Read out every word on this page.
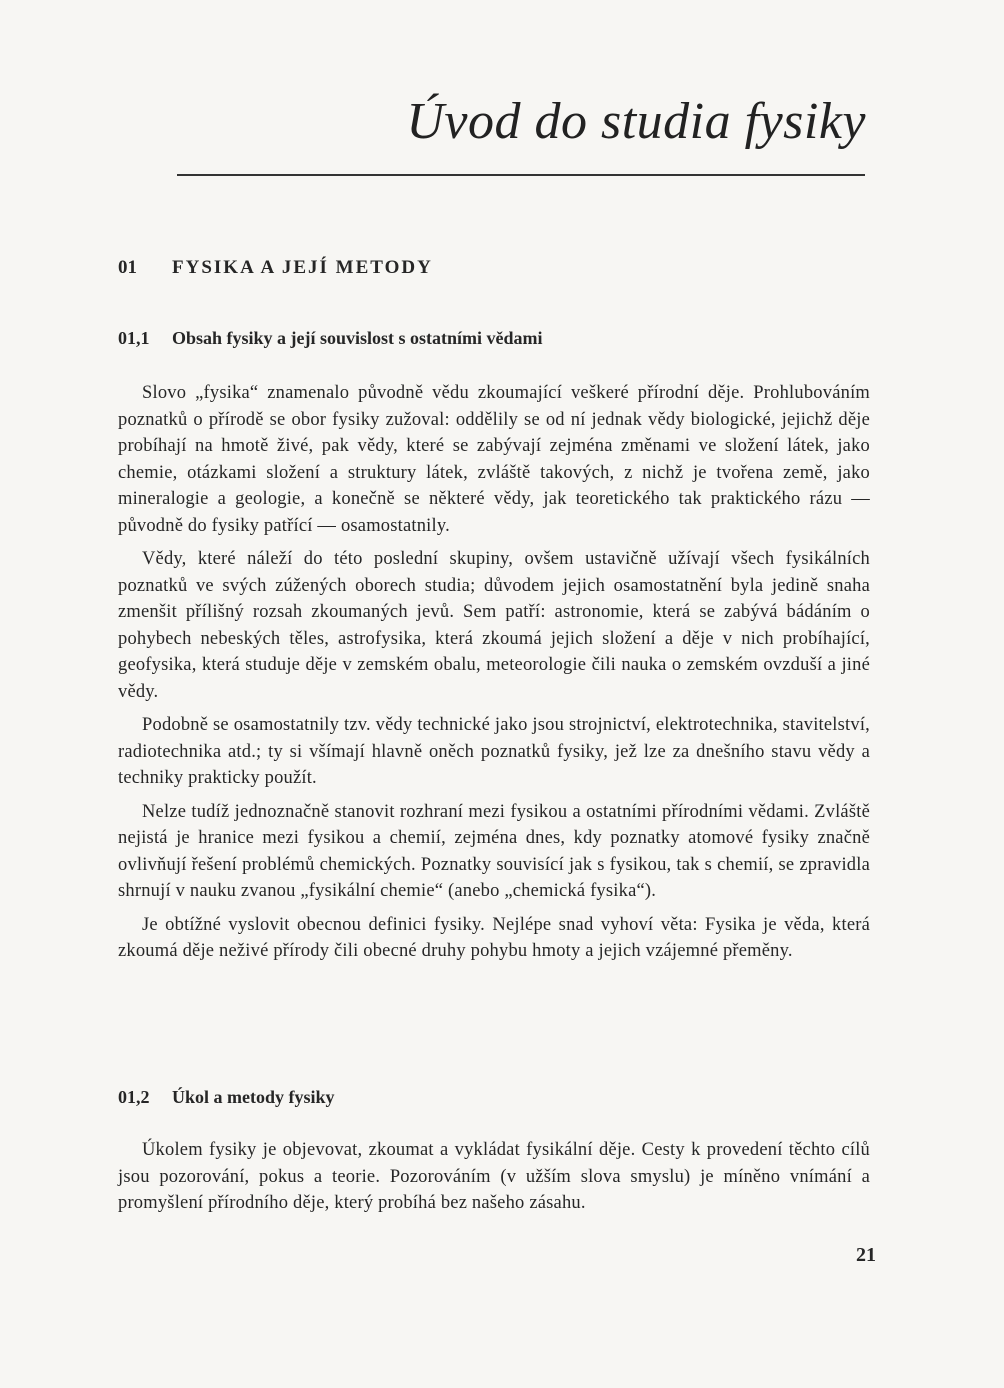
Úvod do studia fysiky
01 FYSIKA A JEJÍ METODY
01,1 Obsah fysiky a její souvislost s ostatními vědami

Slovo „fysika“ znamenalo původně vědu zkoumající veškeré přírodní děje. Prohlubováním poznatků o přírodě se obor fysiky zužoval: oddělily se od ní jednak vědy biologické, jejichž děje probíhají na hmotě živé, pak vědy, které se zabývají zejména změnami ve složení látek, jako chemie, otázkami složení a struktury látek, zvláště takových, z nichž je tvořena země, jako mineralogie a geologie, a konečně se některé vědy, jak teoretického tak praktického rázu — původně do fysiky patřící — osamostatnily.

Vědy, které náleží do této poslední skupiny, ovšem ustavičně užívají všech fysikálních poznatků ve svých zúžených oborech studia; důvodem jejich osamostatnění byla jedině snaha zmenšit přílišný rozsah zkoumaných jevů. Sem patří: astronomie, která se zabývá bádáním o pohybech nebeských těles, astrofysika, která zkoumá jejich složení a děje v nich probíhající, geofysika, která studuje děje v zemském obalu, meteorologie čili nauka o zemském ovzduší a jiné vědy.

Podobně se osamostatnily tzv. vědy technické jako jsou strojnictví, elektrotechnika, stavitelství, radiotechnika atd.; ty si všímají hlavně oněch poznatků fysiky, jež lze za dnešního stavu vědy a techniky prakticky použít.

Nelze tudíž jednoznačně stanovit rozhraní mezi fysikou a ostatními přírodními vědami. Zvláště nejistá je hranice mezi fysikou a chemií, zejména dnes, kdy poznatky atomové fysiky značně ovlivňují řešení problémů chemických. Poznatky souvisící jak s fysikou, tak s chemií, se zpravidla shrnují v nauku zvanou „fysikální chemie“ (anebo „chemická fysika“).

Je obtížné vyslovit obecnou definici fysiky. Nejlépe snad vyhoví věta: Fysika je věda, která zkoumá děje neživé přírody čili obecné druhy pohybu hmoty a jejich vzájemné přeměny.

01,2 Úkol a metody fysiky

Úkolem fysiky je objevovat, zkoumat a vykládat fysikální děje. Cesty k provedení těchto cílů jsou pozorování, pokus a teorie. Pozorováním (v užším slova smyslu) je míněno vnímání a promyšlení přírodního děje, který probíhá bez našeho zásahu.

21
